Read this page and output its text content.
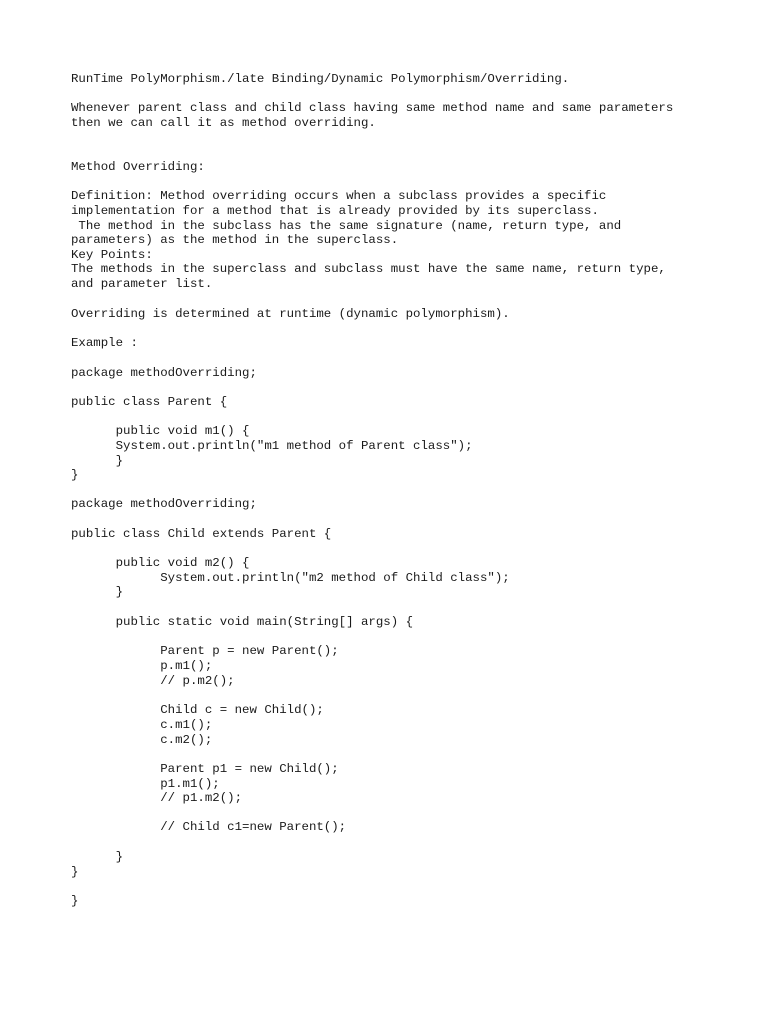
RunTime PolyMorphism./late Binding/Dynamic Polymorphism/Overriding.

Whenever parent class and child class having same method name and same parameters

then we can call it as method overriding.

Method Overriding:

Definition: Method overriding occurs when a subclass provides a specific

implementation for a method that is already provided by its superclass.

The method in the subclass has the same signature (name, return type, and

parameters) as the method in the superclass.

Key Points:

The methods in the superclass and subclass must have the same name, return type,

and parameter list.

Overriding is determined at runtime (dynamic polymorphism).

Example :

package methodOverriding;

public class Parent {

public void m1() {

System.out.println("m1 method of Parent class");

}

}

package methodOverriding;

public class Child extends Parent {

public void m2() {

System.out.println("m2 method of Child class");

}

public static void main(String[] args) {

Parent p = new Parent();

p.m1();

// p.m2();

Child c = new Child();

c.m1();

c.m2();

Parent p1 = new Child();

p1.m1();

// p1.m2();

// Child c1=new Parent();

}

}

}
